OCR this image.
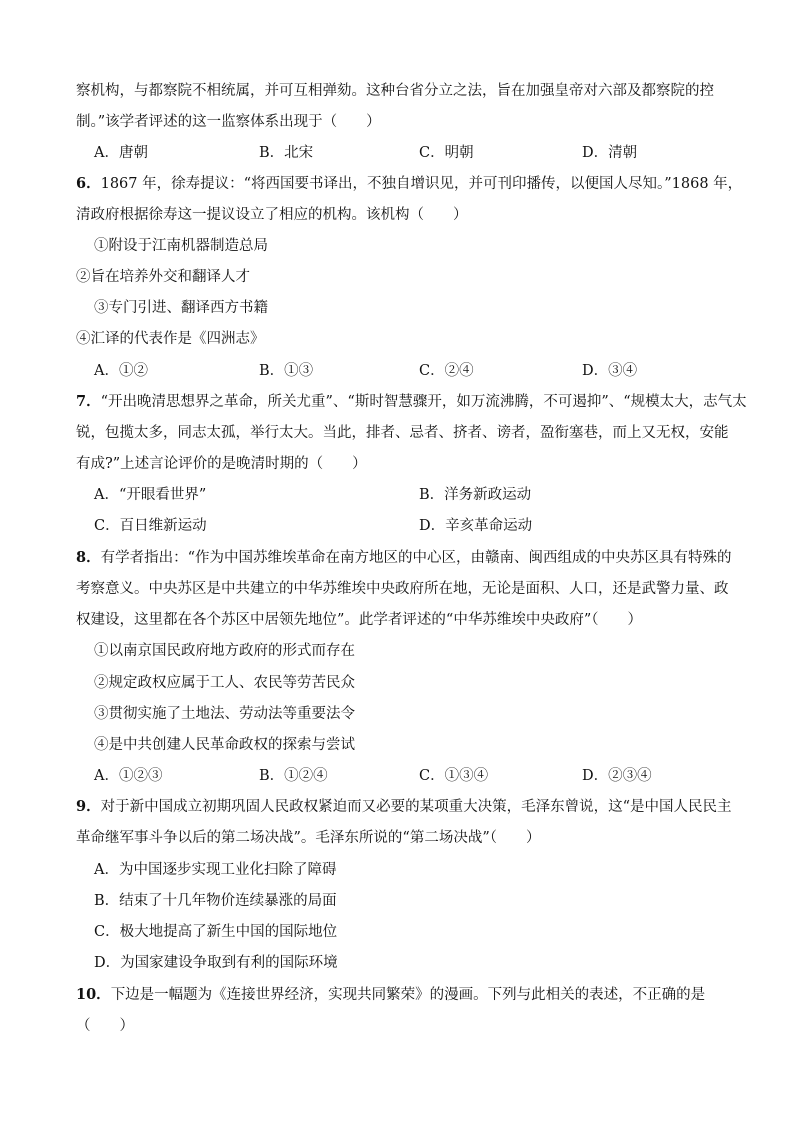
察机构，与都察院不相统属，并可互相弹劾。这种台省分立之法，旨在加强皇帝对六部及都察院的控
制。”该学者评述的这一监察体系出现于（　　）
A．唐朝	B．北宋	C．明朝	D．清朝
6．1867 年，徐寿提议：“将西国要书译出，不独自增识见，并可刊印播传，以便国人尽知。”1868 年，
清政府根据徐寿这一提议设立了相应的机构。该机构（　　）
①附设于江南机器制造总局
②旨在培养外交和翻译人才
③专门引进、翻译西方书籍
④汇译的代表作是《四洲志》
A．①②	B．①③	C．②④	D．③④
7．“开出晚清思想界之革命，所关尤重”、“斯时智慧骤开，如万流沸腾，不可遏抑”、“规模太大，志气太
锐，包揽太多，同志太孤，举行太大。当此，排者、忌者、挤者、谤者，盈衔塞巷，而上又无权，安能
有成?”上述言论评价的是晚清时期的（　　）
A．“开眼看世界”	B．洋务新政运动
C．百日维新运动	D．辛亥革命运动
8．有学者指出：“作为中国苏维埃革命在南方地区的中心区，由赣南、闽西组成的中央苏区具有特殊的
考察意义。中央苏区是中共建立的中华苏维埃中央政府所在地，无论是面积、人口，还是武警力量、政
权建设，这里都在各个苏区中居领先地位”。此学者评述的“中华苏维埃中央政府”（　　）
①以南京国民政府地方政府的形式而存在
②规定政权应属于工人、农民等劳苦民众
③贯彻实施了土地法、劳动法等重要法令
④是中共创建人民革命政权的探索与尝试
A．①②③	B．①②④	C．①③④	D．②③④
9．对于新中国成立初期巩固人民政权紧迫而又必要的某项重大决策，毛泽东曾说，这“是中国人民民主
革命继军事斗争以后的第二场决战”。毛泽东所说的“第二场决战”（　　）
A．为中国逐步实现工业化扫除了障碍
B．结束了十几年物价连续暴涨的局面
C．极大地提高了新生中国的国际地位
D．为国家建设争取到有利的国际环境
10．下边是一幅题为《连接世界经济，实现共同繁荣》的漫画。下列与此相关的表述，不正确的是
（　　）
